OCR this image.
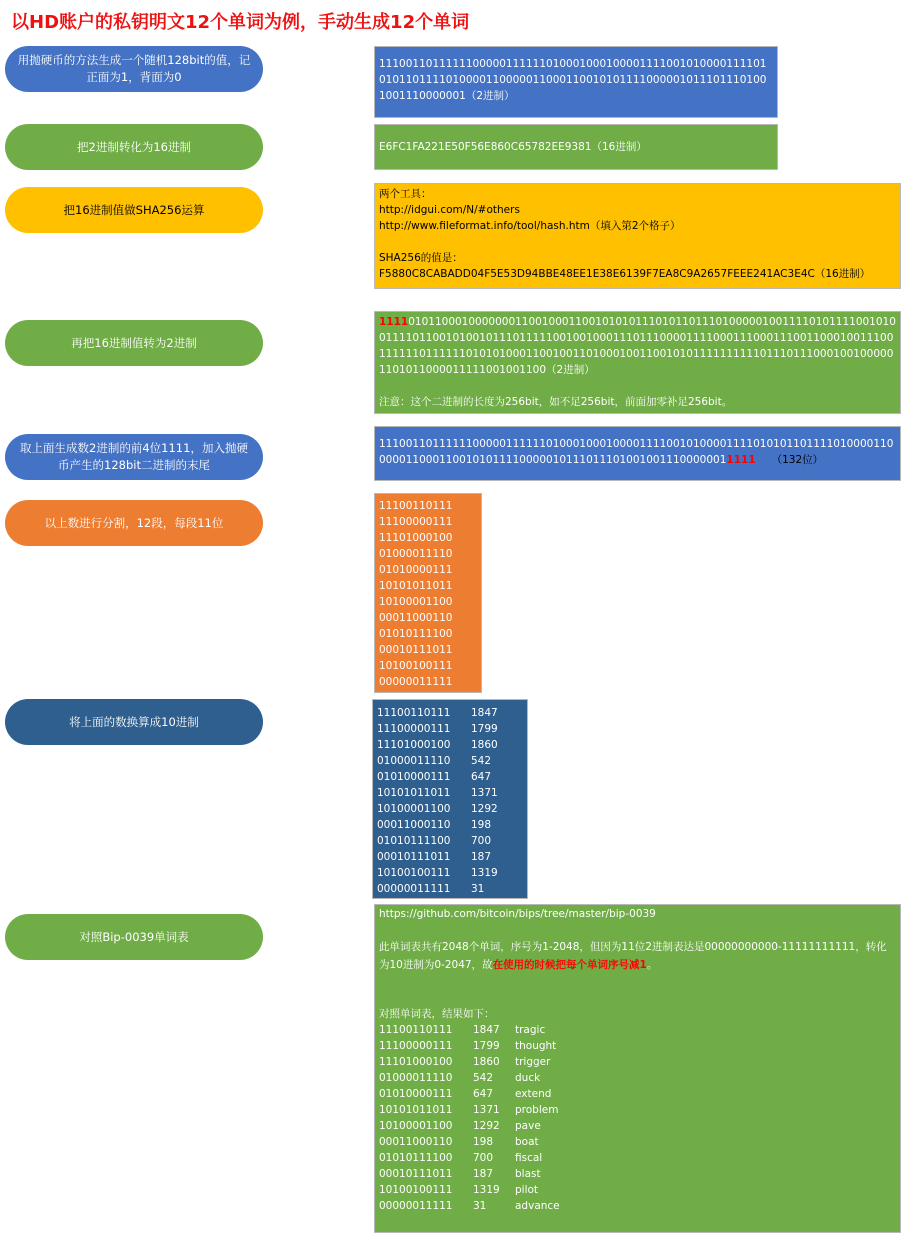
以HD账户的私钥明文12个单词为例，手动生成12个单词
用抛硬币的方法生成一个随机128bit的值，记正面为1，背面为0
把2进制转化为16进制
把16进制值做SHA256运算
再把16进制值转为2进制
取上面生成数2进制的前4位1111，加入抛硬币产生的128bit二进制的末尾
以上数进行分割，12段，每段11位
将上面的数换算成10进制
对照Bip-0039单词表
111001101111110000011111101000100010000111100101000011110101011011110100001100000110001100101011110000010111011101001001110000001（2进制）
E6FC1FA221E50F56E860C65782EE9381（16进制）
两个工具：
http://idgui.com/N/#others
http://www.fileformat.info/tool/hash.htm（填入第2个格子）
SHA256的值是：
F5880C8CABADD04F5E53D94BBE48EE1E38E6139F7EA8C9A2657FEEE241AC3E4C（16进制）
1111010110001000000011001000110010101011101011011101000001001111010111100101001111011001010010111011111001001000111011100001111000111000111001100010011100111111011111101010100011001001101000100110010101111111111011101110001001000001101011000011111001001100（2进制）
注意：这个二进制的长度为256bit，如不足256bit，前面加零补足256bit。
1110011011111100000111111010001000100001111001010000111101010110111101000011000001100011001010111100000101110111010010011100000011111 （132位）
11100110111
11100000111
11101000100
01000011110
01010000111
10101011011
10100001100
00011000110
01010111100
00010111011
10100100111
00000011111
11100110111	1847
11100000111	1799
11101000100	1860
01000011110	542
01010000111	647
10101011011	1371
10100001100	1292
00011000110	198
01010111100	700
00010111011	187
10100100111	1319
00000011111	31
https://github.com/bitcoin/bips/tree/master/bip-0039
此单词表共有2048个单词，序号为1-2048，但因为11位2进制表达是00000000000-11111111111，转化为10进制为0-2047，故在使用的时候把每个单词序号减1。
对照单词表，结果如下：
11100110111	1847	tragic
11100000111	1799	thought
11101000100	1860	trigger
01000011110	542	duck
01010000111	647	extend
10101011011	1371	problem
10100001100	1292	pave
00011000110	198	boat
01010111100	700	fiscal
00010111011	187	blast
10100100111	1319	pilot
00000011111	31	advance
